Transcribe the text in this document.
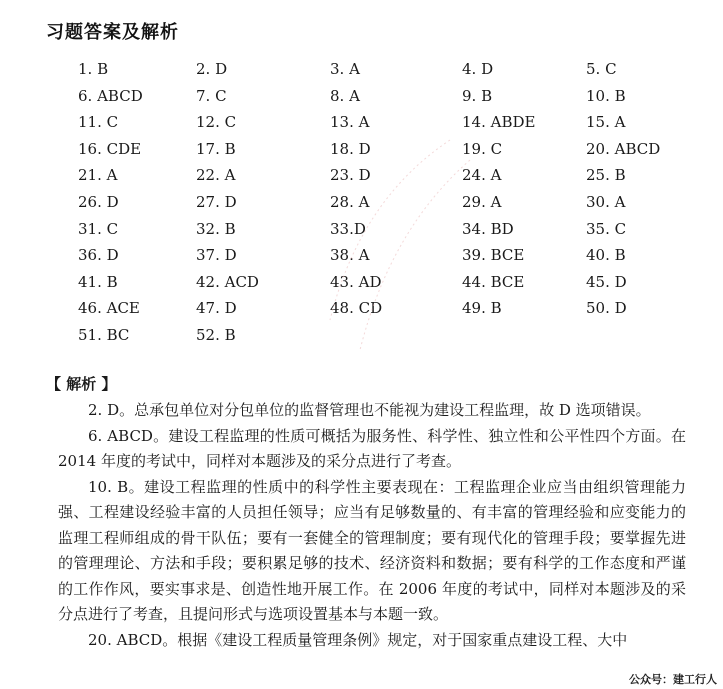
习题答案及解析
1. B	2. D	3. A	4. D	5. C
6. ABCD	7. C	8. A	9. B	10. B
11. C	12. C	13. A	14. ABDE	15. A
16. CDE	17. B	18. D	19. C	20. ABCD
21. A	22. A	23. D	24. A	25. B
26. D	27. D	28. A	29. A	30. A
31. C	32. B	33.D	34. BD	35. C
36. D	37. D	38. A	39. BCE	40. B
41. B	42. ACD	43. AD	44. BCE	45. D
46. ACE	47. D	48. CD	49. B	50. D
51. BC	52. B
【 解析 】

2. D。总承包单位对分包单位的监督管理也不能视为建设工程监理，故 D 选项错误。

6. ABCD。建设工程监理的性质可概括为服务性、科学性、独立性和公平性四个方面。在 2014 年度的考试中，同样对本题涉及的采分点进行了考查。

10. B。建设工程监理的性质中的科学性主要表现在：工程监理企业应当由组织管理能力强、工程建设经验丰富的人员担任领导；应当有足够数量的、有丰富的管理经验和应变能力的监理工程师组成的骨干队伍；要有一套健全的管理制度；要有现代化的管理手段；要掌握先进的管理理论、方法和手段；要积累足够的技术、经济资料和数据；要有科学的工作态度和严谨的工作作风，要实事求是、创造性地开展工作。在 2006 年度的考试中，同样对本题涉及的采分点进行了考查，且提问形式与选项设置基本与本题一致。

20. ABCD。根据《建设工程质量管理条例》规定，对于国家重点建设工程、大中

公众号：建工行人
